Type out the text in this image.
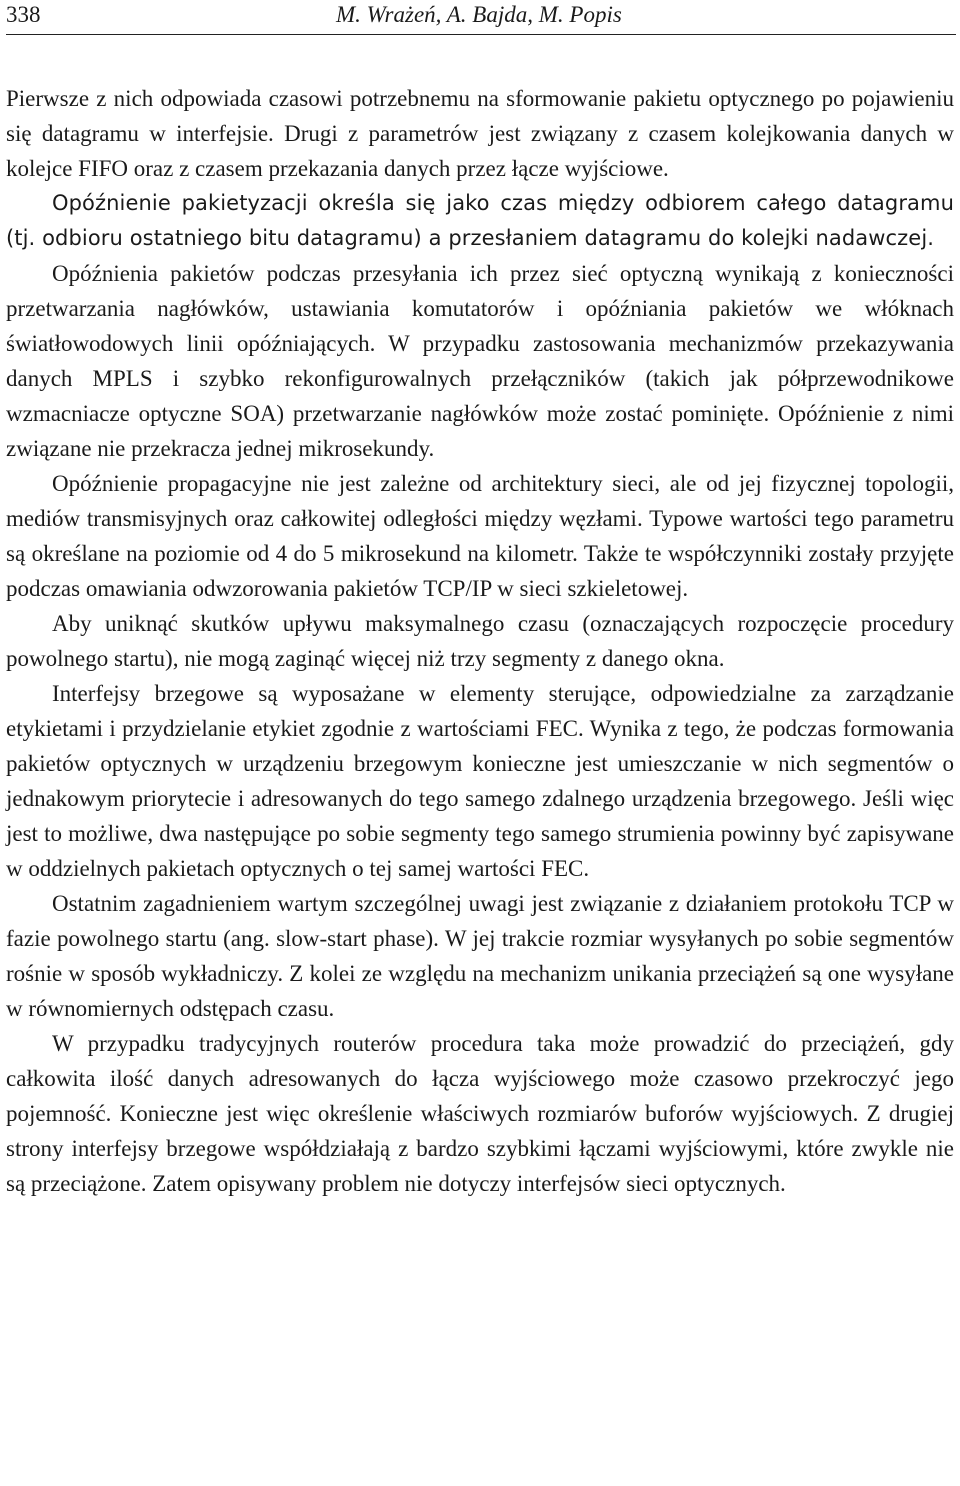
338	M. Wrażeń, A. Bajda, M. Popis

Pierwsze z nich odpowiada czasowi potrzebnemu na sformowanie pakietu optycznego po pojawieniu się datagramu w interfejsie. Drugi z parametrów jest związany z czasem kolejkowania danych w kolejce FIFO oraz z czasem przekazania danych przez łącze wyjściowe.

Opóźnienie pakietyzacji określa się jako czas między odbiorem całego datagramu (tj. odbioru ostatniego bitu datagramu) a przesłaniem datagramu do kolejki nadawczej.

Opóźnienia pakietów podczas przesyłania ich przez sieć optyczną wynikają z konieczności przetwarzania nagłówków, ustawiania komutatorów i opóźniania pakietów we włóknach światłowodowych linii opóźniających. W przypadku zastosowania mechanizmów przekazywania danych MPLS i szybko rekonfigurowalnych przełączników (takich jak półprzewodnikowe wzmacniacze optyczne SOA) przetwarzanie nagłówków może zostać pominięte. Opóźnienie z nimi związane nie przekracza jednej mikrosekundy.

Opóźnienie propagacyjne nie jest zależne od architektury sieci, ale od jej fizycznej topologii, mediów transmisyjnych oraz całkowitej odległości między węzłami. Typowe wartości tego parametru są określane na poziomie od 4 do 5 mikrosekund na kilometr. Także te współczynniki zostały przyjęte podczas omawiania odwzorowania pakietów TCP/IP w sieci szkieletowej.

Aby uniknąć skutków upływu maksymalnego czasu (oznaczających rozpoczęcie procedury powolnego startu), nie mogą zaginąć więcej niż trzy segmenty z danego okna.

Interfejsy brzegowe są wyposażane w elementy sterujące, odpowiedzialne za zarządzanie etykietami i przydzielanie etykiet zgodnie z wartościami FEC. Wynika z tego, że podczas formowania pakietów optycznych w urządzeniu brzegowym konieczne jest umieszczanie w nich segmentów o jednakowym priorytecie i adresowanych do tego samego zdalnego urządzenia brzegowego. Jeśli więc jest to możliwe, dwa następujące po sobie segmenty tego samego strumienia powinny być zapisywane w oddzielnych pakietach optycznych o tej samej wartości FEC.

Ostatnim zagadnieniem wartym szczególnej uwagi jest związanie z działaniem protokołu TCP w fazie powolnego startu (ang. slow-start phase). W jej trakcie rozmiar wysyłanych po sobie segmentów rośnie w sposób wykładniczy. Z kolei ze względu na mechanizm unikania przeciążeń są one wysyłane w równomiernych odstępach czasu.

W przypadku tradycyjnych routerów procedura taka może prowadzić do przeciążeń, gdy całkowita ilość danych adresowanych do łącza wyjściowego może czasowo przekroczyć jego pojemność. Konieczne jest więc określenie właściwych rozmiarów buforów wyjściowych. Z drugiej strony interfejsy brzegowe współdziałają z bardzo szybkimi łączami wyjściowymi, które zwykle nie są przeciążone. Zatem opisywany problem nie dotyczy interfejsów sieci optycznych.
